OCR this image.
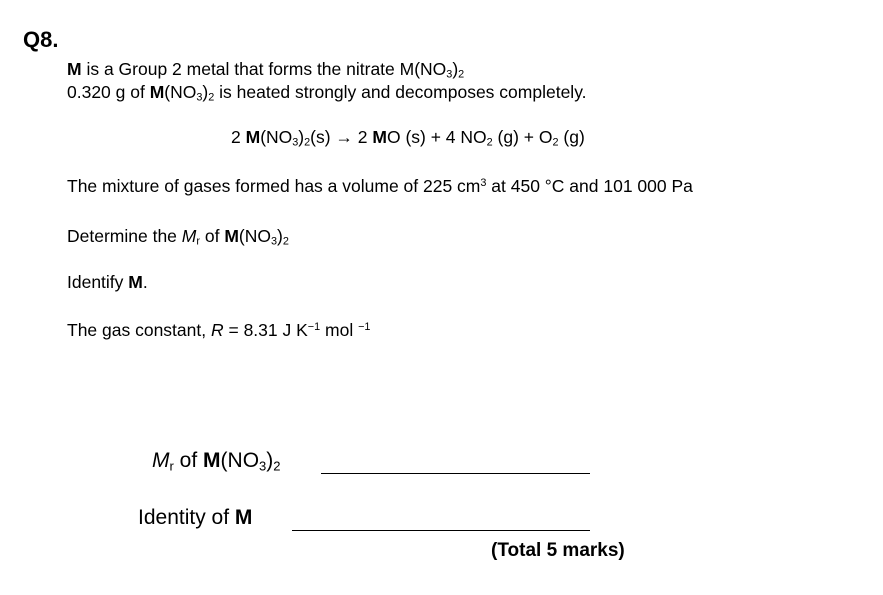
Q8.
M is a Group 2 metal that forms the nitrate $M(NO_3)_2$
0.320 g of $M(NO_3)_2$ is heated strongly and decomposes completely.
2 $M(NO_3)_2(s) \to 2$ MO (s) + 4 $NO_2$ $(g) + O_2$ (g)
The mixture of gases formed has a volume of 225 $cm^3$ at 450 °C and 101 000 Pa
Determine the $M_r$ of $M(NO_3)_2$
Identify M.
The gas constant, R = 8.31 J $K^{-1}$ mol $^{-1}$
$M_r$ of $M(NO_3)_2$
Identity of M
(Total 5 marks)
